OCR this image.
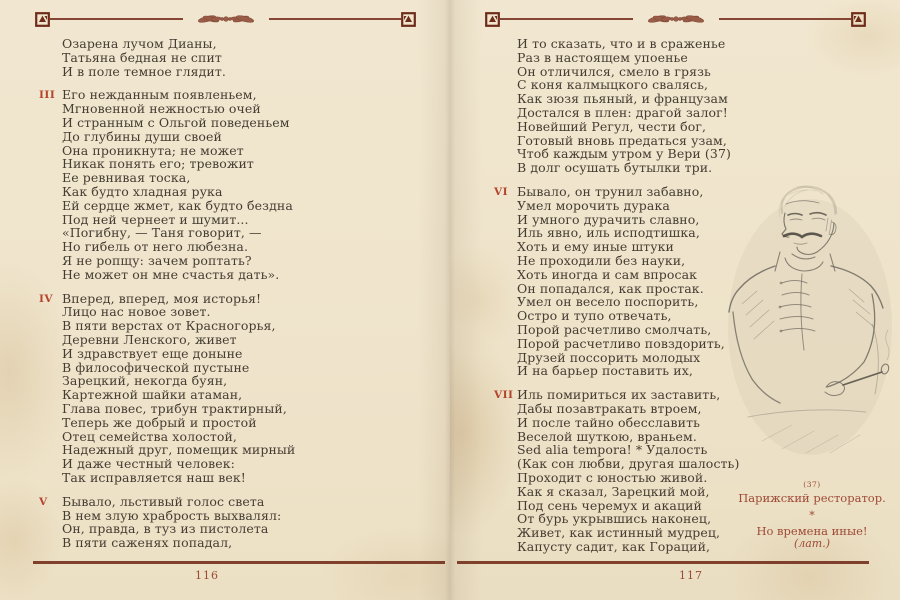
Озарена лучом Дианы,
Татьяна бедная не спит
И в поле темное глядит.
III Его нежданным появленьем,
Мгновенной нежностью очей
И странным с Ольгой поведеньем
До глубины души своей
Она проникнута; не может
Никак понять его; тревожит
Ее ревнивая тоска,
Как будто хладная рука
Ей сердце жмет, как будто бездна
Под ней чернеет и шумит...
«Погибну, — Таня говорит, —
Но гибель от него любезна.
Я не ропщу: зачем роптать?
Не может он мне счастья дать».
IV Вперед, вперед, моя исторья!
Лицо нас новое зовет.
В пяти верстах от Красногорья,
Деревни Ленского, живет
И здравствует еще доныне
В философической пустыне
Зарецкий, некогда буян,
Картежной шайки атаман,
Глава повес, трибун трактирный,
Теперь же добрый и простой
Отец семейства холостой,
Надежный друг, помещик мирный
И даже честный человек:
Так исправляется наш век!
V	Бывало, льстивый голос света
В нем злую храбрость выхвалял:
Он, правда, в туз из пистолета
В пяти саженях попадал,
116
И то сказать, что и в сраженье
Раз в настоящем упоенье
Он отличился, смело в грязь
С коня калмыцкого свалясь,
Как зюзя пьяный, и французам
Достался в плен: драгой залог!
Новейший Регул, чести бог,
Готовый вновь предаться узам,
Чтоб каждым утром у Вери (37)
В долг осушать бутылки три.
VI Бывало, он трунил забавно,
Умел морочить дурака
И умного дурачить славно,
Иль явно, иль исподтишка,
Хоть и ему иные штуки
Не проходили без науки,
Хоть иногда и сам впросак
Он попадался, как простак.
Умел он весело поспорить,
Остро и тупо отвечать,
Порой расчетливо смолчать,
Порой расчетливо повздорить,
Друзей поссорить молодых
И на барьер поставить их,
VII Иль помириться их заставить,
Дабы позавтракать втроем,
И после тайно обесславить
Веселой шуткою, враньем.
Sed alia tempora! * Удалость
(Как сон любви, другая шалость)
Проходит с юностью живой.
Как я сказал, Зарецкий мой,
Под сень черемух и акаций
От бурь укрывшись наконец,
Живет, как истинный мудрец,
Капусту садит, как Гораций,
(37)
Парижский ресторатор.
*
Но времена иные!
(лат.)
117
